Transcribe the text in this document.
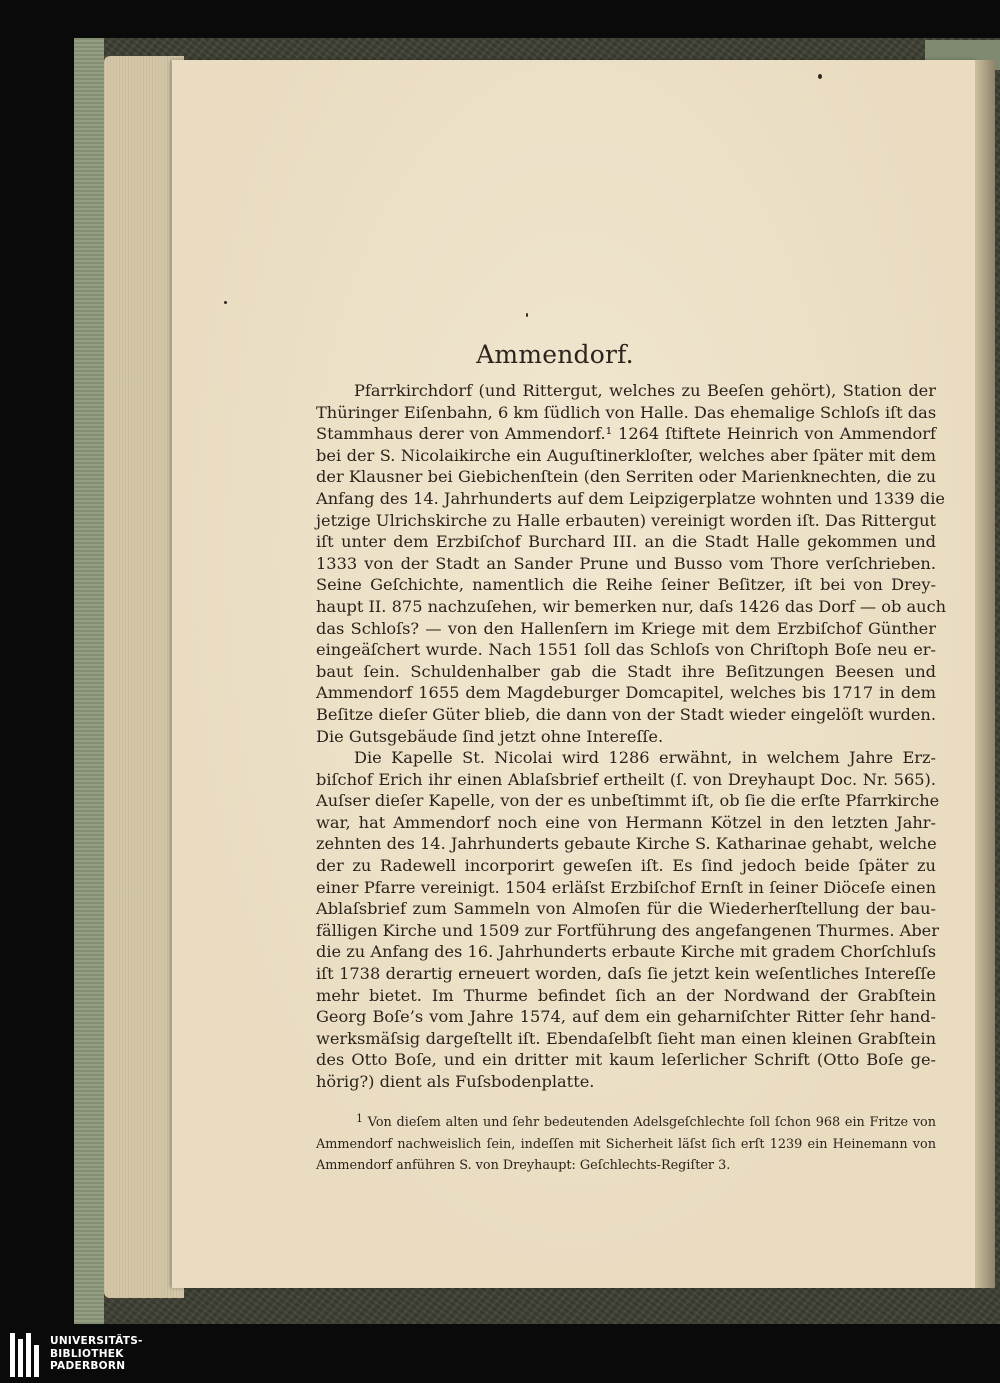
Ammendorf.
Pfarrkirchdorf (und Rittergut, welches zu Beeſen gehört), Station der
Thüringer Eiſenbahn, 6 km ſüdlich von Halle. Das ehemalige Schloſs iſt das
Stammhaus derer von Ammendorf.¹ 1264 ſtiftete Heinrich von Ammendorf
bei der S. Nicolaikirche ein Auguſtinerkloſter, welches aber ſpäter mit dem
der Klausner bei Giebichenſtein (den Serriten oder Marienknechten, die zu
Anfang des 14. Jahrhunderts auf dem Leipzigerplatze wohnten und 1339 die
jetzige Ulrichskirche zu Halle erbauten) vereinigt worden iſt. Das Rittergut
iſt unter dem Erzbiſchof Burchard III. an die Stadt Halle gekommen und
1333 von der Stadt an Sander Prune und Busso vom Thore verſchrieben.
Seine Geſchichte, namentlich die Reihe ſeiner Beſitzer, iſt bei von Drey-
haupt II. 875 nachzuſehen, wir bemerken nur, daſs 1426 das Dorf — ob auch
das Schloſs? — von den Hallenſern im Kriege mit dem Erzbiſchof Günther
eingeäſchert wurde. Nach 1551 ſoll das Schloſs von Chriſtoph Boſe neu er-
baut ſein. Schuldenhalber gab die Stadt ihre Beſitzungen Beesen und
Ammendorf 1655 dem Magdeburger Domcapitel, welches bis 1717 in dem
Beſitze dieſer Güter blieb, die dann von der Stadt wieder eingelöſt wurden.
Die Gutsgebäude ſind jetzt ohne Intereſſe.
Die Kapelle St. Nicolai wird 1286 erwähnt, in welchem Jahre Erz-
biſchof Erich ihr einen Ablaſsbrief ertheilt (ſ. von Dreyhaupt Doc. Nr. 565).
Auſser dieſer Kapelle, von der es unbeſtimmt iſt, ob ſie die erſte Pfarrkirche
war, hat Ammendorf noch eine von Hermann Kötzel in den letzten Jahr-
zehnten des 14. Jahrhunderts gebaute Kirche S. Katharinae gehabt, welche
der zu Radewell incorporirt geweſen iſt. Es ſind jedoch beide ſpäter zu
einer Pfarre vereinigt. 1504 erläſst Erzbiſchof Ernſt in ſeiner Diöceſe einen
Ablaſsbrief zum Sammeln von Almoſen für die Wiederherſtellung der bau-
fälligen Kirche und 1509 zur Fortführung des angefangenen Thurmes. Aber
die zu Anfang des 16. Jahrhunderts erbaute Kirche mit gradem Chorſchluſs
iſt 1738 derartig erneuert worden, daſs ſie jetzt kein weſentliches Intereſſe
mehr bietet. Im Thurme befindet ſich an der Nordwand der Grabſtein
Georg Boſe’s vom Jahre 1574, auf dem ein geharniſchter Ritter ſehr hand-
werksmäſsig dargeſtellt iſt. Ebendaſelbſt ſieht man einen kleinen Grabſtein
des Otto Boſe, und ein dritter mit kaum leſerlicher Schrift (Otto Boſe ge-
hörig?) dient als Fuſsbodenplatte.
1 Von dieſem alten und ſehr bedeutenden Adelsgeſchlechte ſoll ſchon 968 ein Fritze von
Ammendorf nachweislich ſein, indeſſen mit Sicherheit läſst ſich erſt 1239 ein Heinemann von
Ammendorf anführen S. von Dreyhaupt: Geſchlechts-Regiſter 3.
UNIVERSITÄTS-
BIBLIOTHEK
PADERBORN
